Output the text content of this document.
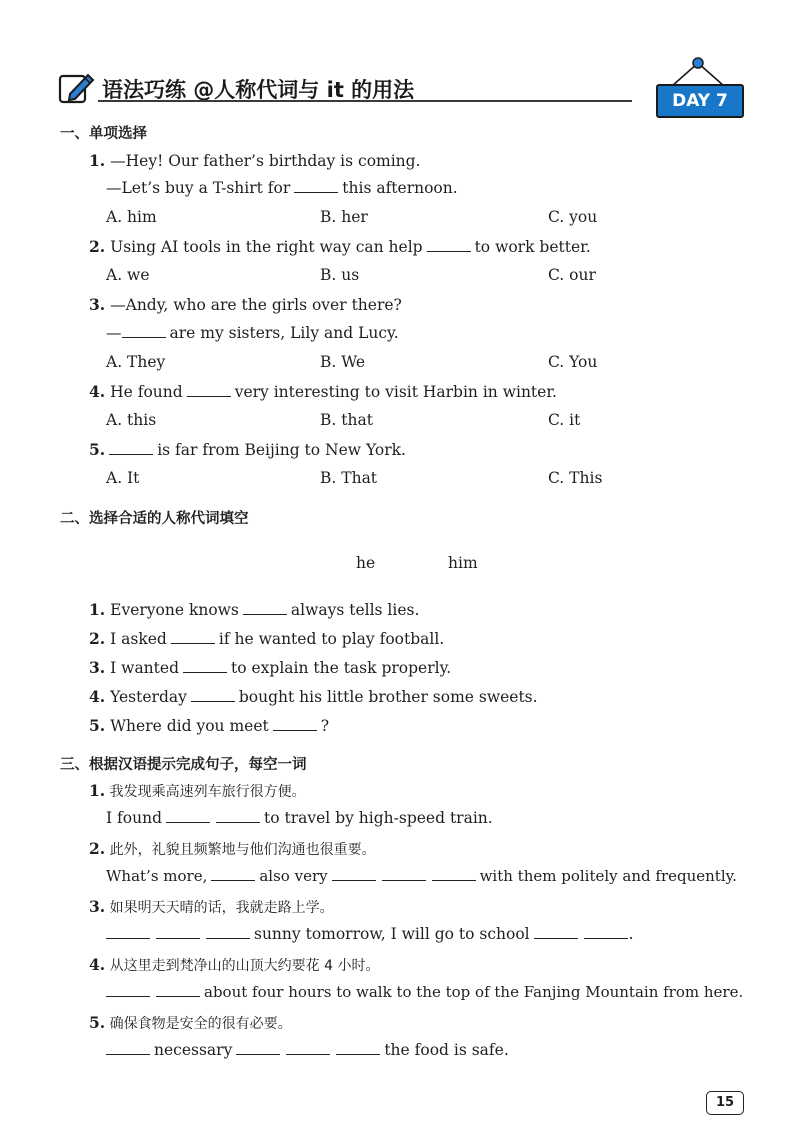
语法巧练 @人称代词与 it 的用法	DAY 7
一、单项选择
1. —Hey! Our father’s birthday is coming.
—Let’s buy a T-shirt for	this afternoon.
A. him	B. her	C. you
2. Using AI tools in the right way can help	to work better.
A. we	B. us	C. our
3. —Andy, who are the girls over there?
—	are my sisters, Lily and Lucy.
A. They	B. We	C. You
4. He found	very interesting to visit Harbin in winter.
A. this	B. that	C. it
5.	is far from Beijing to New York.
A. It	B. That	C. This
二、选择合适的人称代词填空
he	him
1. Everyone knows	always tells lies.
2. I asked	if he wanted to play football.
3. I wanted	to explain the task properly.
4. Yesterday	bought his little brother some sweets.
5. Where did you meet	?
三、根据汉语提示完成句子，每空一词
1. 我发现乘高速列车旅行很方便。
I found	to travel by high-speed train.
2. 此外，礼貌且频繁地与他们沟通也很重要。
What’s more,	also very	with them politely and frequently.
3. 如果明天天晴的话，我就走路上学。
sunny tomorrow, I will go to school	.
4. 从这里走到梵净山的山顶大约要花 4 小时。
about four hours to walk to the top of the Fanjing Mountain from here.
5. 确保食物是安全的很有必要。
necessary	the food is safe.
15
